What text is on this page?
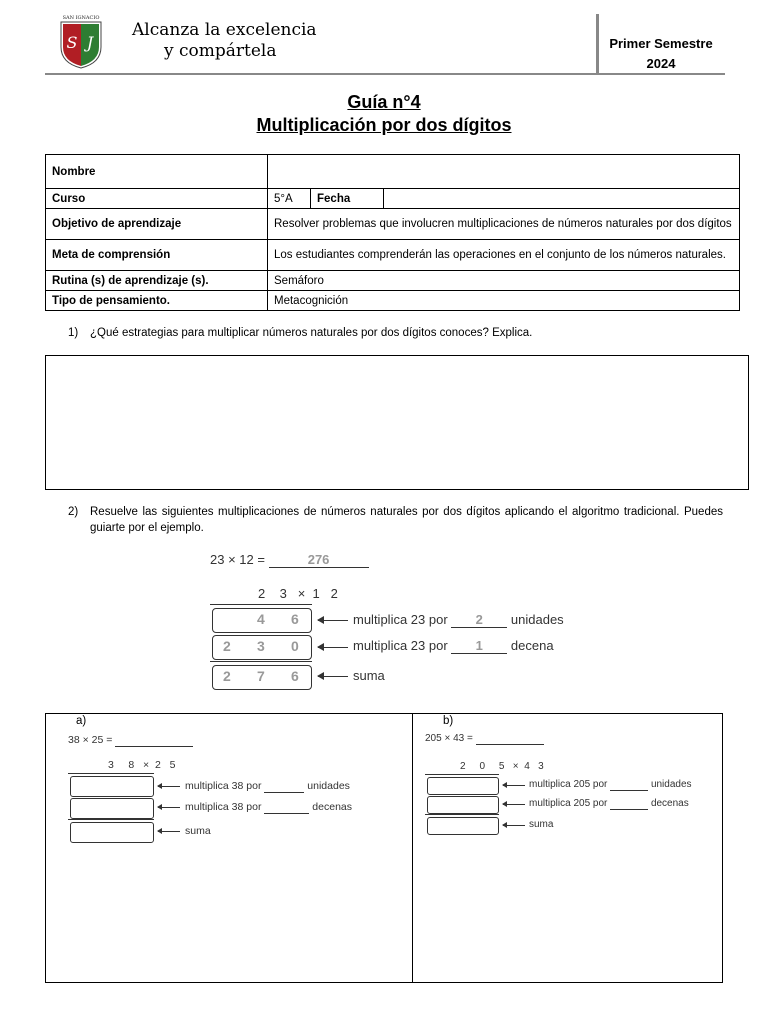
SAN IGNACIO
S J
Alcanza la excelencia
y compártela	Primer Semestre
2024
Guía n°4
Multiplicación por dos dígitos
Nombre			
Curso	5°A	Fecha	
Objetivo de aprendizaje	Resolver problemas que involucren multiplicaciones de números naturales por dos dígitos		
Meta de comprensión	Los estudiantes comprenderán las operaciones en el conjunto de los números naturales.		
Rutina (s) de aprendizaje (s).	Semáforo		
Tipo de pensamiento.	Metacognición		
1) ¿Qué estrategias para multiplicar números naturales por dos dígitos conoces? Explica.
2) Resuelve las siguientes multiplicaciones de números naturales por dos dígitos aplicando el algoritmo tradicional. Puedes guiarte por el ejemplo.
23 × 12 =	276
2    3   ×  1   2
4 6	multiplica 23 por 2 unidades
2 3 0	multiplica 23 por 1 decena
2 7 6	suma
a)
38 × 25 =
3     8   ×  2   5
multiplica 38 por	unidades
multiplica 38 por	decenas
suma
b)
205 × 43 =
2     0     5   ×  4   3
multiplica 205 por	unidades
multiplica 205 por	decenas
suma
